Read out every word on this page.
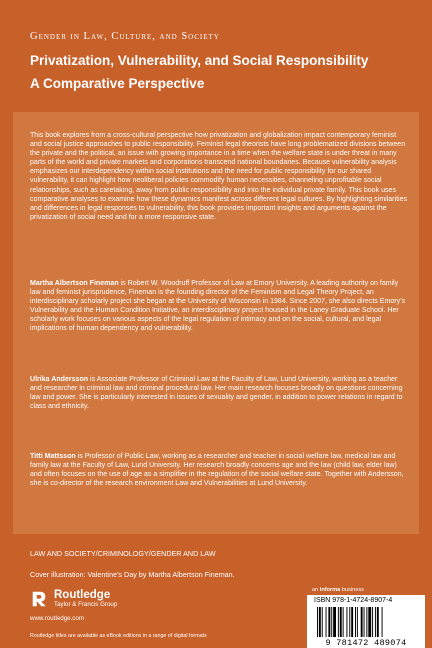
Gender in Law, Culture, and Society
Privatization, Vulnerability, and Social Responsibility
A Comparative Perspective

This book explores from a cross-cultural perspective how privatization and globalization impact contemporary feminist and social justice approaches to public responsibility. Feminist legal theorists have long problematized divisions between the private and the political, an issue with growing importance in a time when the welfare state is under threat in many parts of the world and private markets and corporations transcend national boundaries. Because vulnerability analysis emphasizes our interdependency within social institutions and the need for public responsibility for our shared vulnerability, it can highlight how neoliberal policies commodify human necessities, channeling unprofitable social relationships, such as caretaking, away from public responsibility and into the individual private family. This book uses comparative analyses to examine how these dynamics manifest across different legal cultures. By highlighting similarities and differences in legal responses to vulnerability, this book provides important insights and arguments against the privatization of social need and for a more responsive state.

Martha Albertson Fineman is Robert W. Woodruff Professor of Law at Emory University. A leading authority on family law and feminist jurisprudence, Fineman is the founding director of the Feminism and Legal Theory Project, an interdisciplinary scholarly project she began at the University of Wisconsin in 1984. Since 2007, she also directs Emory’s Vulnerability and the Human Condition Initiative, an interdisciplinary project housed in the Laney Graduate School. Her scholarly work focuses on various aspects of the legal regulation of intimacy and on the social, cultural, and legal implications of human dependency and vulnerability.

Ulrika Andersson is Associate Professor of Criminal Law at the Faculty of Law, Lund University, working as a teacher and researcher in criminal law and criminal procedural law. Her main research focuses broadly on questions concerning law and power. She is particularly interested in issues of sexuality and gender, in addition to power relations in regard to class and ethnicity.

Titti Mattsson is Professor of Public Law, working as a researcher and teacher in social welfare law, medical law and family law at the Faculty of Law, Lund University. Her research broadly concerns age and the law (child law, elder law) and often focuses on the use of age as a simplifier in the regulation of the social welfare state. Together with Andersson, she is co-director of the research environment Law and Vulnerabilities at Lund University.

LAW AND SOCIETY/CRIMINOLOGY/GENDER AND LAW
Cover illustration: Valentine’s Day by Martha Albertson Fineman.
Routledge
Taylor & Francis Group
www.routledge.com
Routledge titles are available as eBook editions in a range of digital formats
an informa business
ISBN 978-1-4724-8907-4
9 781472 489074
